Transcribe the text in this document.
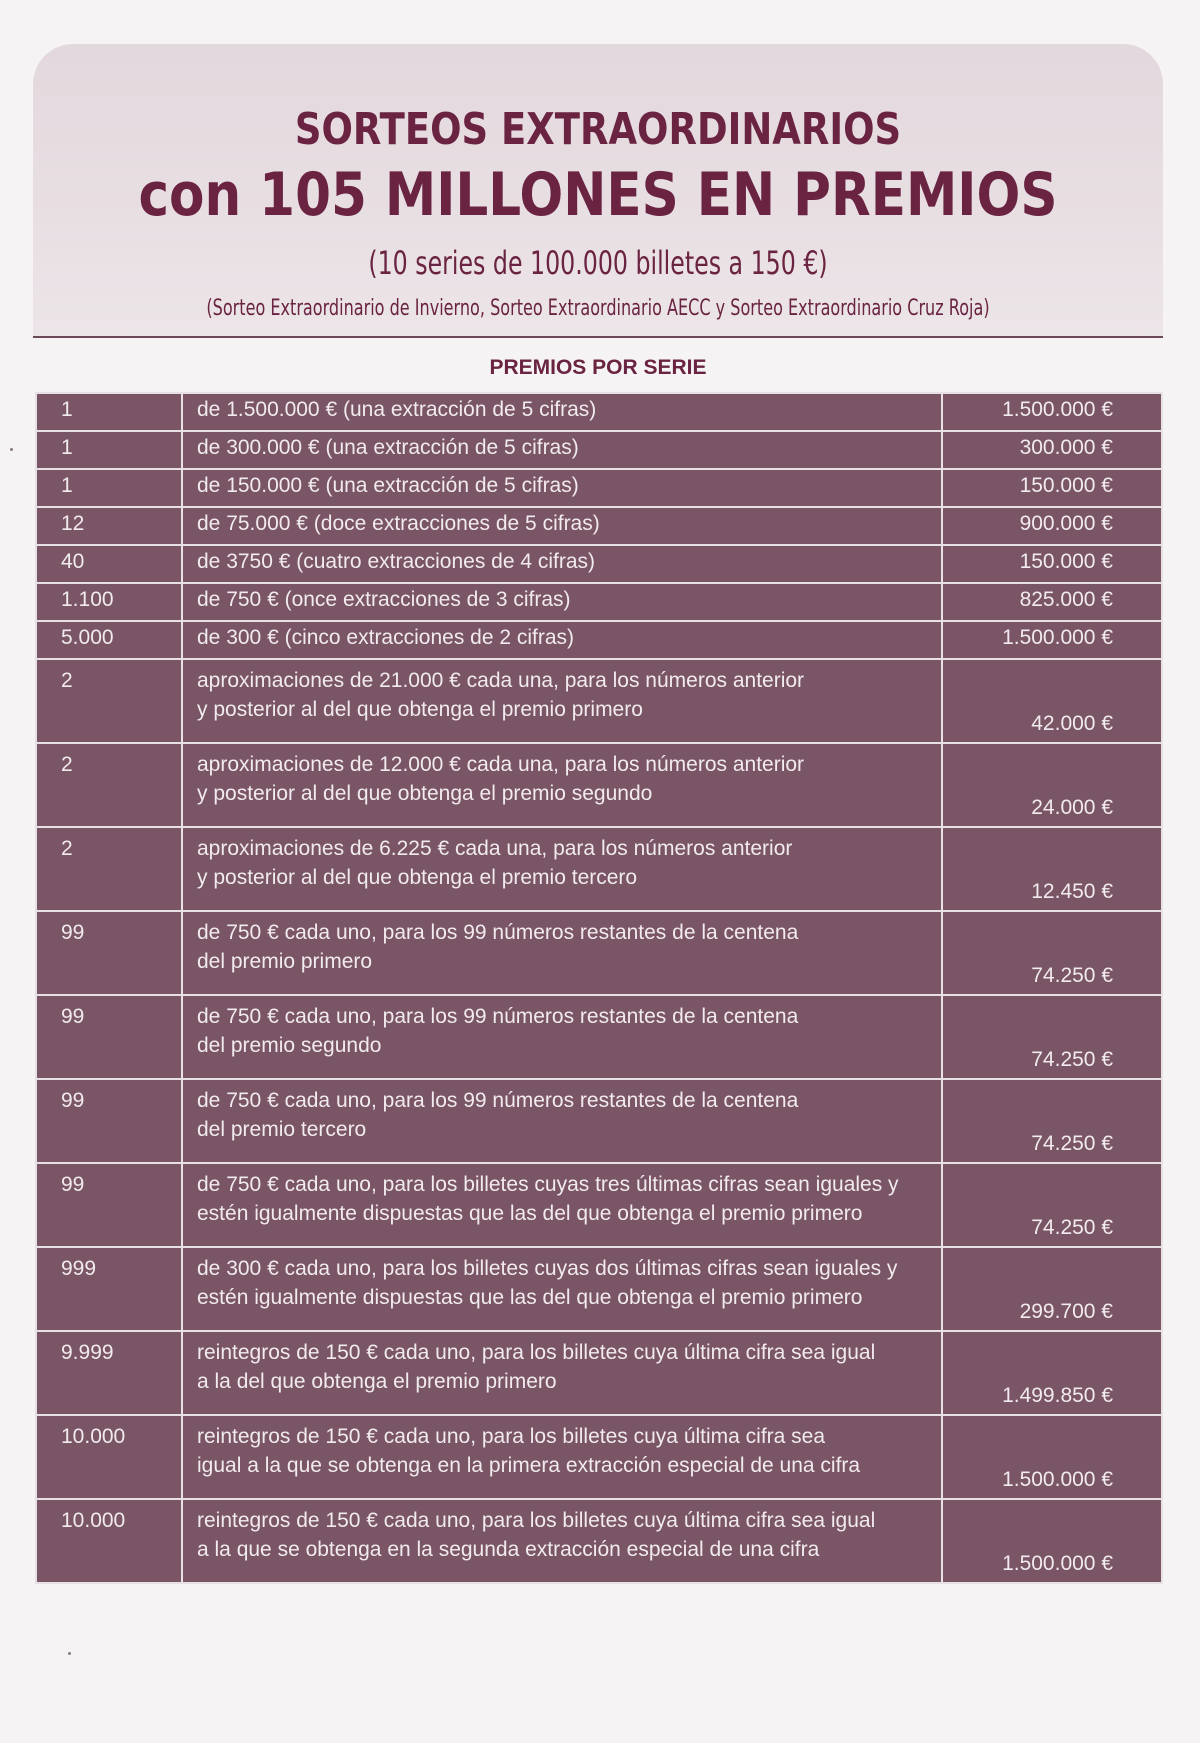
SORTEOS EXTRAORDINARIOS
con 105 MILLONES EN PREMIOS
(10 series de 100.000 billetes a 150 €)
(Sorteo Extraordinario de Invierno, Sorteo Extraordinario AECC y Sorteo Extraordinario Cruz Roja)
PREMIOS POR SERIE
1	de 1.500.000 € (una extracción de 5 cifras)	1.500.000 €
1	de 300.000 € (una extracción de 5 cifras)	300.000 €
1	de 150.000 € (una extracción de 5 cifras)	150.000 €
12	de 75.000 € (doce extracciones de 5 cifras)	900.000 €
40	de 3750 € (cuatro extracciones de 4 cifras)	150.000 €
1.100	de 750 € (once extracciones de 3 cifras)	825.000 €
5.000	de 300 € (cinco extracciones de 2 cifras)	1.500.000 €
2	aproximaciones de 21.000 € cada una, para los números anterior
y posterior al del que obtenga el premio primero	42.000 €
2	aproximaciones de 12.000 € cada una, para los números anterior
y posterior al del que obtenga el premio segundo	24.000 €
2	aproximaciones de 6.225 € cada una, para los números anterior
y posterior al del que obtenga el premio tercero	12.450 €
99	de 750 € cada uno, para los 99 números restantes de la centena
del premio primero	74.250 €
99	de 750 € cada uno, para los 99 números restantes de la centena
del premio segundo	74.250 €
99	de 750 € cada uno, para los 99 números restantes de la centena
del premio tercero	74.250 €
99	de 750 € cada uno, para los billetes cuyas tres últimas cifras sean iguales y
estén igualmente dispuestas que las del que obtenga el premio primero	74.250 €
999	de 300 € cada uno, para los billetes cuyas dos últimas cifras sean iguales y
estén igualmente dispuestas que las del que obtenga el premio primero	299.700 €
9.999	reintegros de 150 € cada uno, para los billetes cuya última cifra sea igual
a la del que obtenga el premio primero	1.499.850 €
10.000	reintegros de 150 € cada uno, para los billetes cuya última cifra sea
igual a la que se obtenga en la primera extracción especial de una cifra	1.500.000 €
10.000	reintegros de 150 € cada uno, para los billetes cuya última cifra sea igual
a la que se obtenga en la segunda extracción especial de una cifra	1.500.000 €
